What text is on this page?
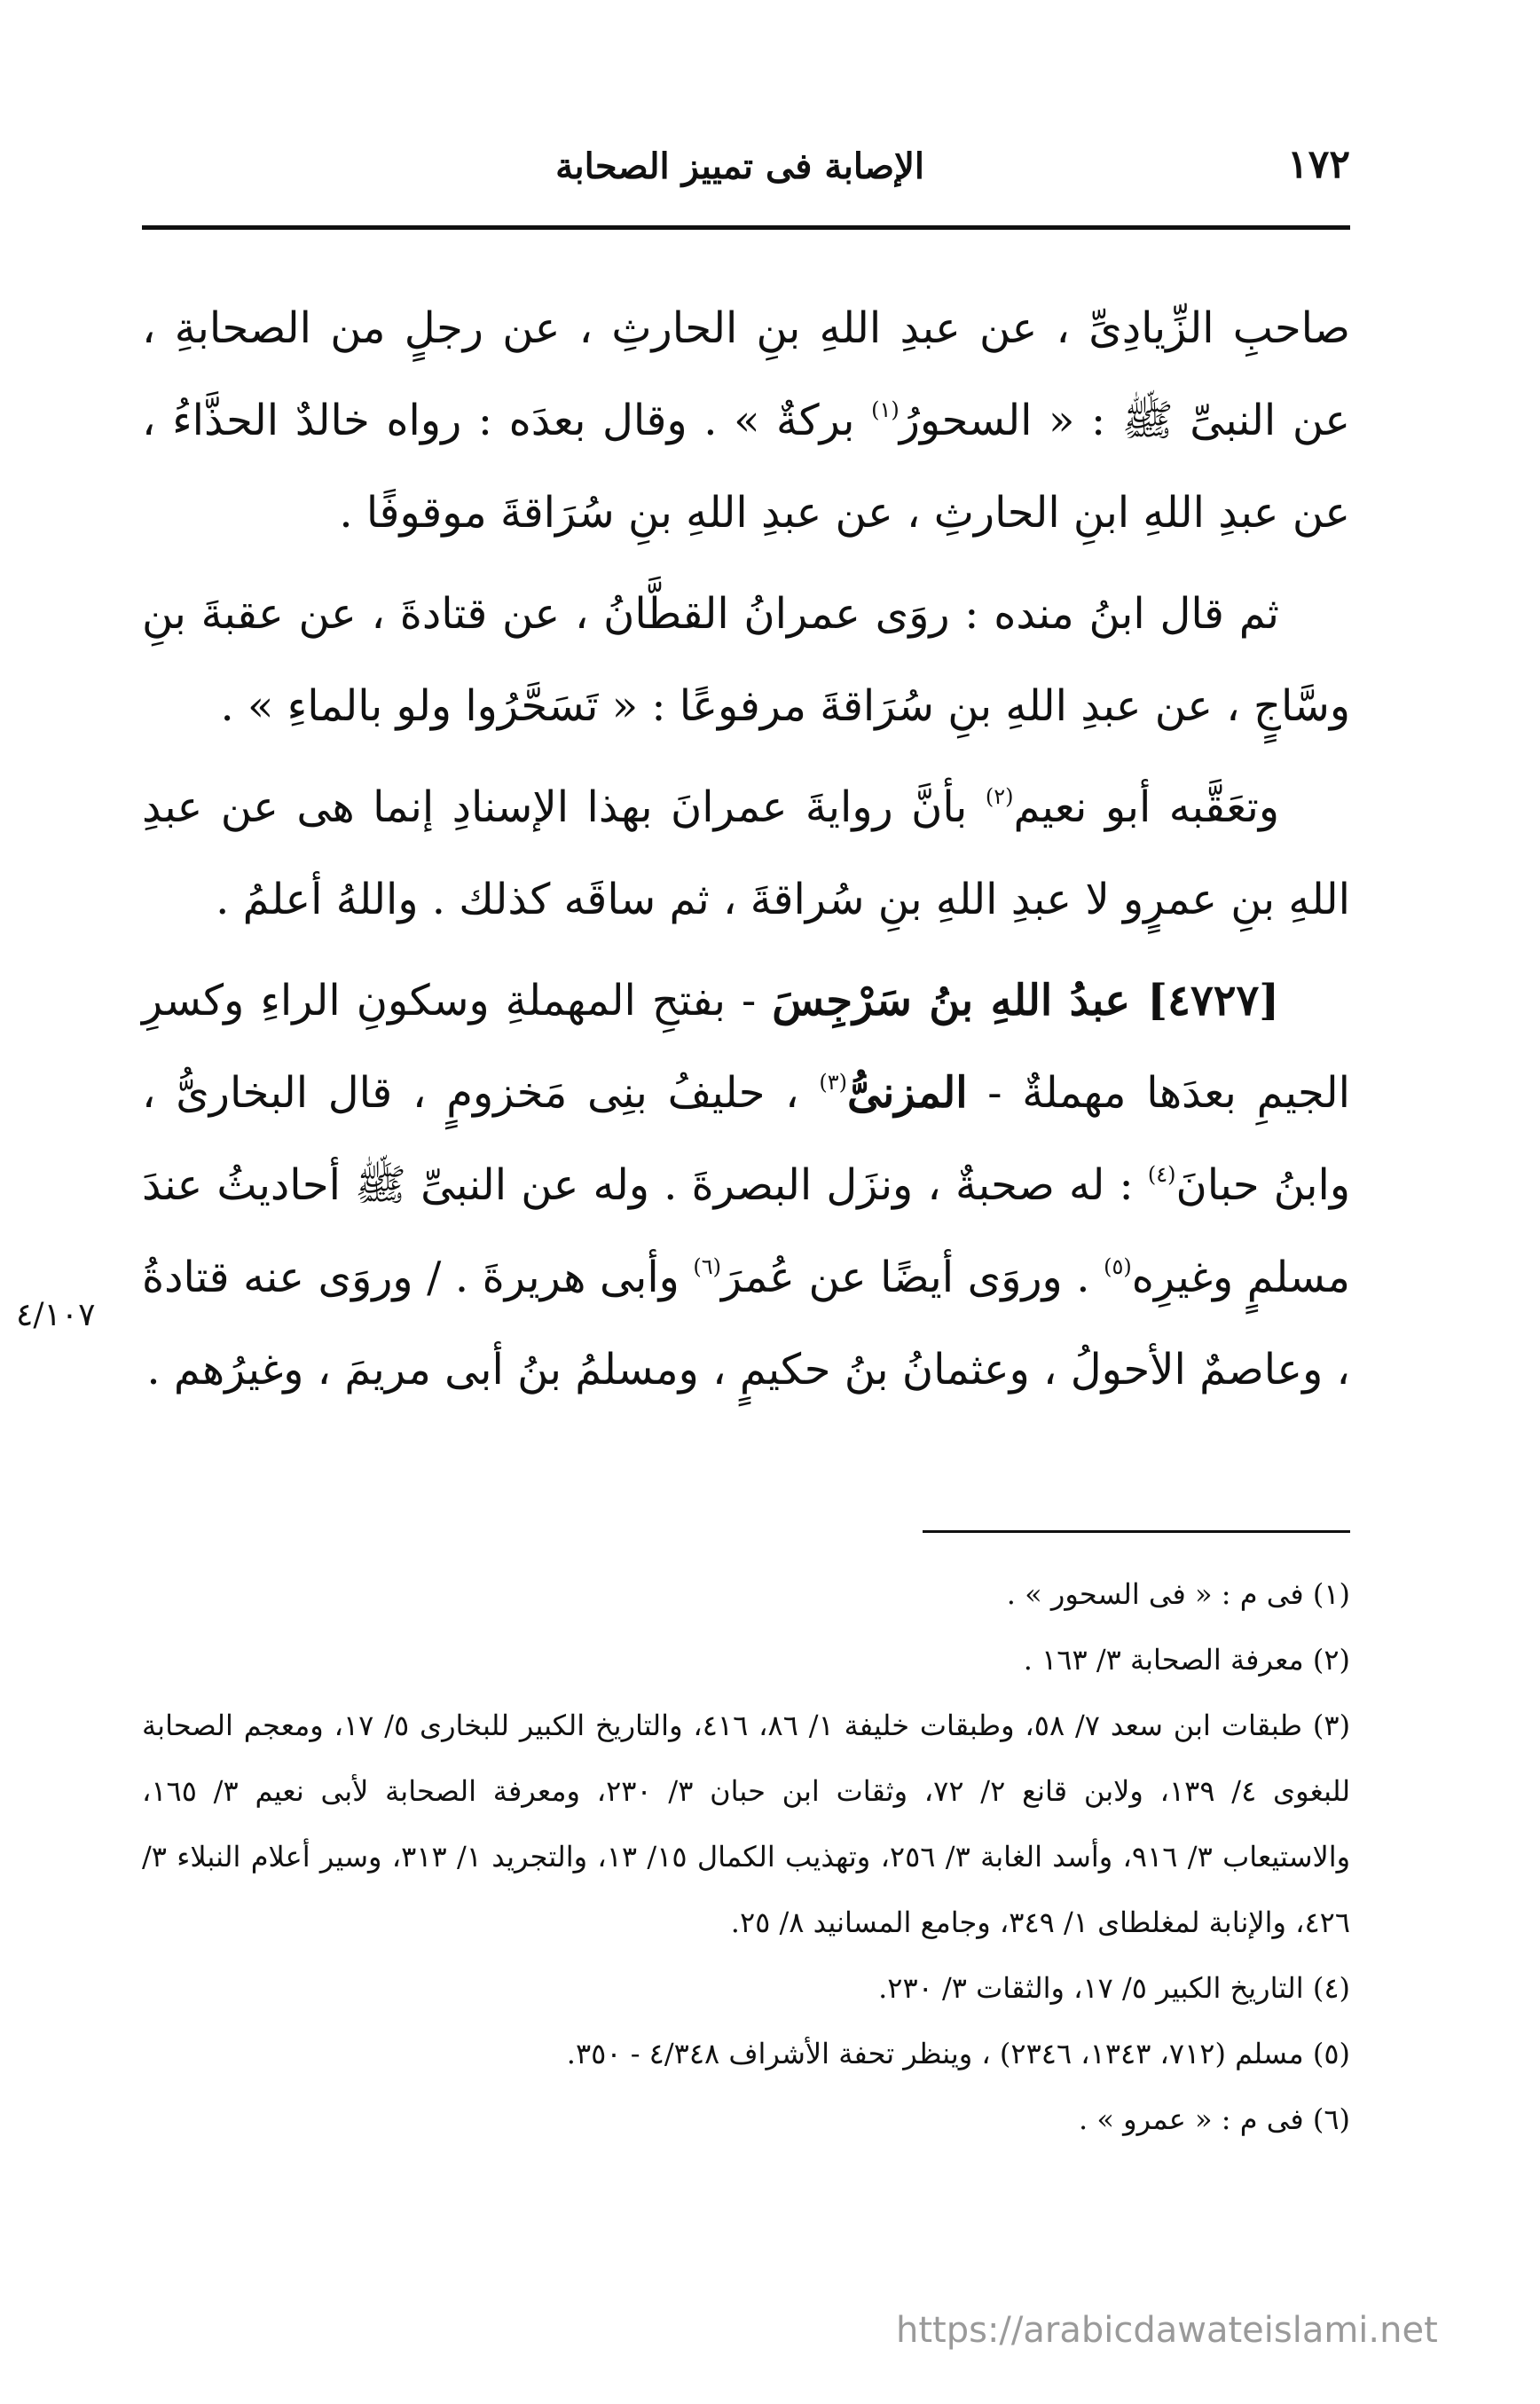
١٧٢
الإصابة فى تمييز الصحابة

صاحبِ الزِّيادِىِّ ، عن عبدِ اللهِ بنِ الحارثِ ، عن رجلٍ من الصحابةِ ، عن النبىِّ ﷺ : « السحورُ$^{(١)}$ بركةٌ » . وقال بعدَه : رواه خالدٌ الحذَّاءُ ، عن عبدِ اللهِ ابنِ الحارثِ ، عن عبدِ اللهِ بنِ سُرَاقةَ موقوفًا .

ثم قال ابنُ منده : روَى عمرانُ القطَّانُ ، عن قتادةَ ، عن عقبةَ بنِ وسَّاجٍ ، عن عبدِ اللهِ بنِ سُرَاقةَ مرفوعًا : « تَسَحَّرُوا ولو بالماءِ » .

وتعَقَّبه أبو نعيم$^{(٢)}$ بأنَّ روايةَ عمرانَ بهذا الإسنادِ إنما هى عن عبدِ اللهِ بنِ عمرٍو لا عبدِ اللهِ بنِ سُراقةَ ، ثم ساقَه كذلك . واللهُ أعلمُ .

[٤٧٢٧] عبدُ اللهِ بنُ سَرْجِسَ - بفتحِ المهملةِ وسكونِ الراءِ وكسرِ الجيمِ بعدَها مهملةٌ - المزنىُّ$^{(٣)}$ ، حليفُ بنِى مَخزومٍ ، قال البخارىُّ ، وابنُ حبانَ$^{(٤)}$ : له صحبةٌ ، ونزَل البصرةَ . وله عن النبىِّ ﷺ أحاديثُ عندَ مسلمٍ وغيرِه$^{(٥)}$ . وروَى أيضًا عن عُمرَ$^{(٦)}$ وأبى هريرةَ . / وروَى عنه قتادةُ ، وعاصمٌ الأحولُ ، وعثمانُ بنُ حكيمٍ ، ومسلمُ بنُ أبى مريمَ ، وغيرُهم .

٤/١٠٧

(١) فى م : « فى السحور » .

(٢) معرفة الصحابة ٣/ ١٦٣ .

(٣) طبقات ابن سعد ٧/ ٥٨، وطبقات خليفة ١/ ٨٦، ٤١٦، والتاريخ الكبير للبخارى ٥/ ١٧، ومعجم الصحابة للبغوى ٤/ ١٣٩، ولابن قانع ٢/ ٧٢، وثقات ابن حبان ٣/ ٢٣٠، ومعرفة الصحابة لأبى نعيم ٣/ ١٦٥، والاستيعاب ٣/ ٩١٦، وأسد الغابة ٣/ ٢٥٦، وتهذيب الكمال ١٥/ ١٣، والتجريد ١/ ٣١٣، وسير أعلام النبلاء ٣/ ٤٢٦، والإنابة لمغلطاى ١/ ٣٤٩، وجامع المسانيد ٨/ ٢٥.

(٤) التاريخ الكبير ٥/ ١٧، والثقات ٣/ ٢٣٠.

(٥) مسلم (٧١٢، ١٣٤٣، ٢٣٤٦) ، وينظر تحفة الأشراف ٤/٣٤٨ - ٣٥٠.

(٦) فى م : « عمرو » .

https://arabicdawateislami.net
